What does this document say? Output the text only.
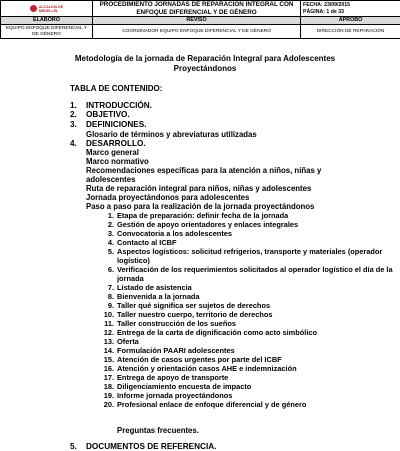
ALCALDÍA DE
MEDELLÍN	PROCEDIMIENTO JORNADAS DE REPARACIÓN INTEGRAL CON ENFOQUE DIFERENCIAL Y DE GÉNERO	FECHA: 23/09/2015
PÁGINA: 1 de 33
ELABORÓ	REVISÓ	APROBÓ
EQUIPO ENFOQUE DIFERENCIAL Y DE GÉNERO	COORDINADOR EQUIPO ENFOQUE DIFERENCIAL Y DE GÉNERO	DIRECCIÓN DE REPARACIÓN
Metodología de la jornada de Reparación Integral para Adolescentes Proyectándonos
TABLA DE CONTENIDO:
1. INTRODUCCIÓN.
2. OBJETIVO.
3. DEFINICIONES.
Glosario de términos y abreviaturas utilizadas
4. DESARROLLO.
Marco general
Marco normativo
Recomendaciones específicas para la atención a niños, niñas y
adolescentes
Ruta de reparación integral para niños, niñas y adolescentes
Jornada proyectándonos para adolescentes
Paso a paso para la realización de la jornada proyectándonos
1. Etapa de preparación: definir fecha de la jornada
2. Gestión de apoyo orientadores y enlaces integrales
3. Convocatoria a los adolescentes
4. Contacto al ICBF
5. Aspectos logísticos: solicitud refrigerios, transporte y materiales (operador logístico)
6. Verificación de los requerimientos solicitados al operador logístico el día de la jornada
7. Listado de asistencia
8. Bienvenida a la jornada
9. Taller qué significa ser sujetos de derechos
10. Taller nuestro cuerpo, territorio de derechos
11. Taller construcción de los sueños
12. Entrega de la carta de dignificación como acto simbólico
13. Oferta
14. Formulación PAARI adolescentes
15. Atención de casos urgentes por parte del ICBF
16. Atención y orientación casos AHE e indemnización
17. Entrega de apoyo de transporte
18. Diligenciamiento encuesta de impacto
19. Informe jornada proyectándonos
20. Profesional enlace de enfoque diferencial y de género
Preguntas frecuentes.
5. DOCUMENTOS DE REFERENCIA.
